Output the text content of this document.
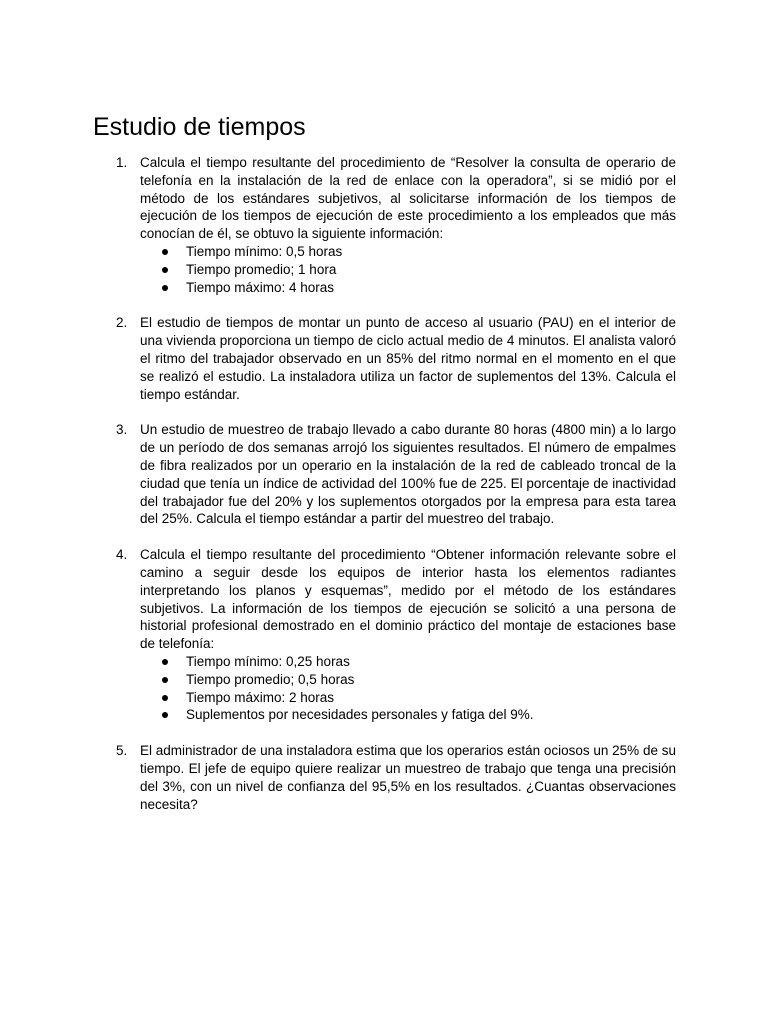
Estudio de tiempos
1. Calcula el tiempo resultante del procedimiento de “Resolver la consulta de operario de telefonía en la instalación de la red de enlace con la operadora”, si se midió por el método de los estándares subjetivos, al solicitarse información de los tiempos de ejecución de los tiempos de ejecución de este procedimiento a los empleados que más conocían de él, se obtuvo la siguiente información:

Tiempo mínimo: 0,5 horas
Tiempo promedio; 1 hora
Tiempo máximo: 4 horas
2. El estudio de tiempos de montar un punto de acceso al usuario (PAU) en el interior de una vivienda proporciona un tiempo de ciclo actual medio de 4 minutos. El analista valoró el ritmo del trabajador observado en un 85% del ritmo normal en el momento en el que se realizó el estudio. La instaladora utiliza un factor de suplementos del 13%. Calcula el tiempo estándar.

3. Un estudio de muestreo de trabajo llevado a cabo durante 80 horas (4800 min) a lo largo de un período de dos semanas arrojó los siguientes resultados. El número de empalmes de fibra realizados por un operario en la instalación de la red de cableado troncal de la ciudad que tenía un índice de actividad del 100% fue de 225. El porcentaje de inactividad del trabajador fue del 20% y los suplementos otorgados por la empresa para esta tarea del 25%. Calcula el tiempo estándar a partir del muestreo del trabajo.

4. Calcula el tiempo resultante del procedimiento “Obtener información relevante sobre el camino a seguir desde los equipos de interior hasta los elementos radiantes interpretando los planos y esquemas”, medido por el método de los estándares subjetivos. La información de los tiempos de ejecución se solicitó a una persona de historial profesional demostrado en el dominio práctico del montaje de estaciones base de telefonía:

Tiempo mínimo: 0,25 horas
Tiempo promedio; 0,5 horas
Tiempo máximo: 2 horas
Suplementos por necesidades personales y fatiga del 9%.
5. El administrador de una instaladora estima que los operarios están ociosos un 25% de su tiempo. El jefe de equipo quiere realizar un muestreo de trabajo que tenga una precisión del 3%, con un nivel de confianza del 95,5% en los resultados. ¿Cuantas observaciones necesita?
